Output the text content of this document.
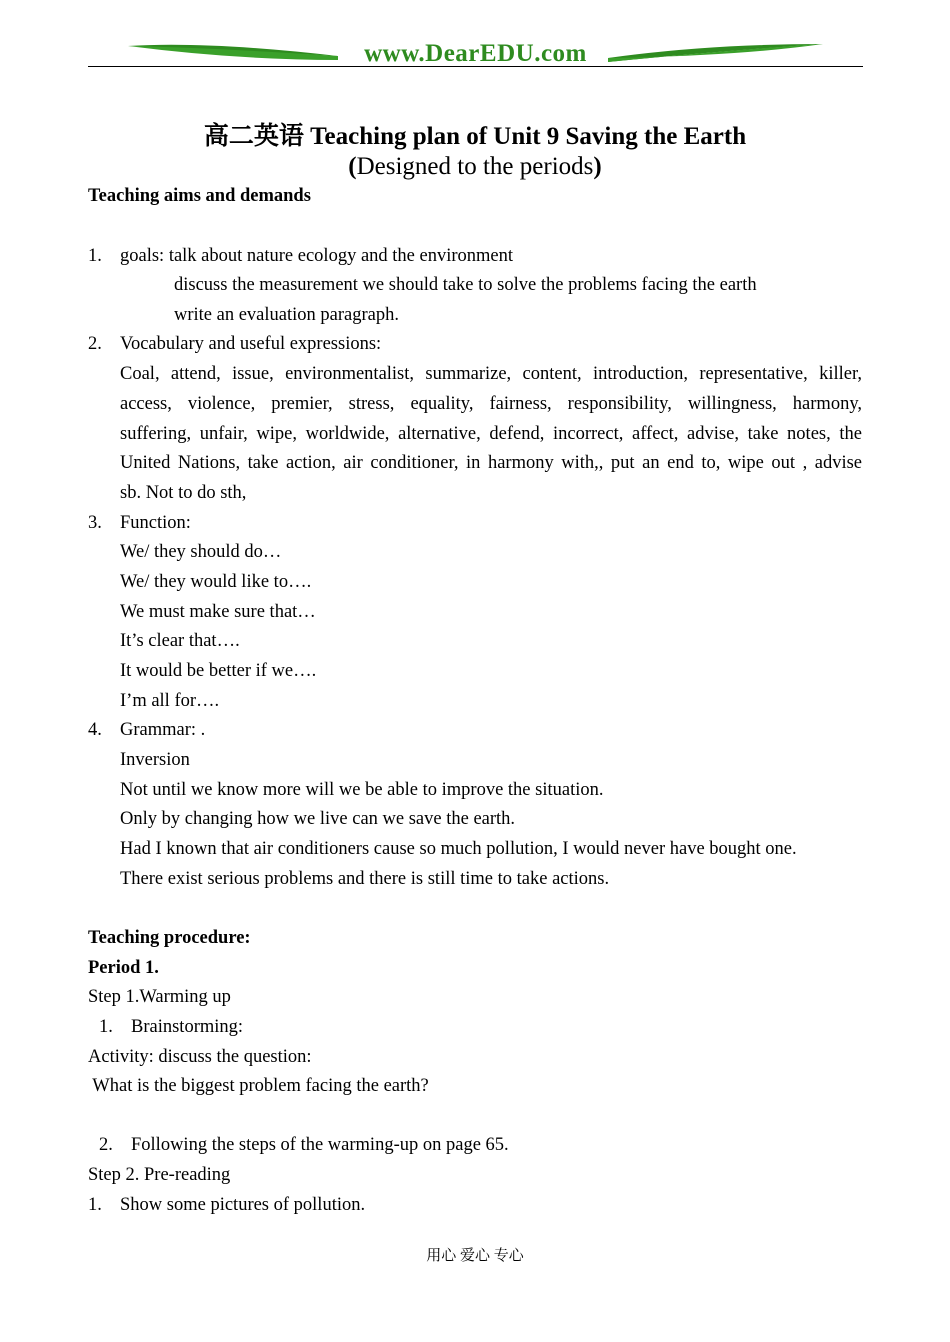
www.DearEDU.com
高二英语 Teaching plan of Unit 9 Saving the Earth
(Designed to the periods)
Teaching aims and demands
1. goals: talk about nature ecology and the environment
discuss the measurement we should take to solve the problems facing the earth
write an evaluation paragraph.
2. Vocabulary and useful expressions:
Coal, attend, issue, environmentalist, summarize, content, introduction, representative, killer,
access, violence, premier, stress, equality, fairness, responsibility, willingness, harmony,
suffering, unfair, wipe, worldwide, alternative, defend, incorrect, affect, advise, take notes, the
United Nations, take action, air conditioner, in harmony with,, put an end to, wipe out , advise
sb. Not to do sth,
3. Function:
We/ they should do…
We/ they would like to….
We must make sure that…
It’s clear that….
It would be better if we….
I’m all for….
4. Grammar: .
Inversion
Not until we know more will we be able to improve the situation.
Only by changing how we live can we save the earth.
Had I known that air conditioners cause so much pollution, I would never have bought one.
There exist serious problems and there is still time to take actions.
Teaching procedure:
Period 1.
Step 1.Warming up
1. Brainstorming:
Activity: discuss the question:
What is the biggest problem facing the earth?
2. Following the steps of the warming-up on page 65.
Step 2. Pre-reading
1. Show some pictures of pollution.
用心 爱心 专心
